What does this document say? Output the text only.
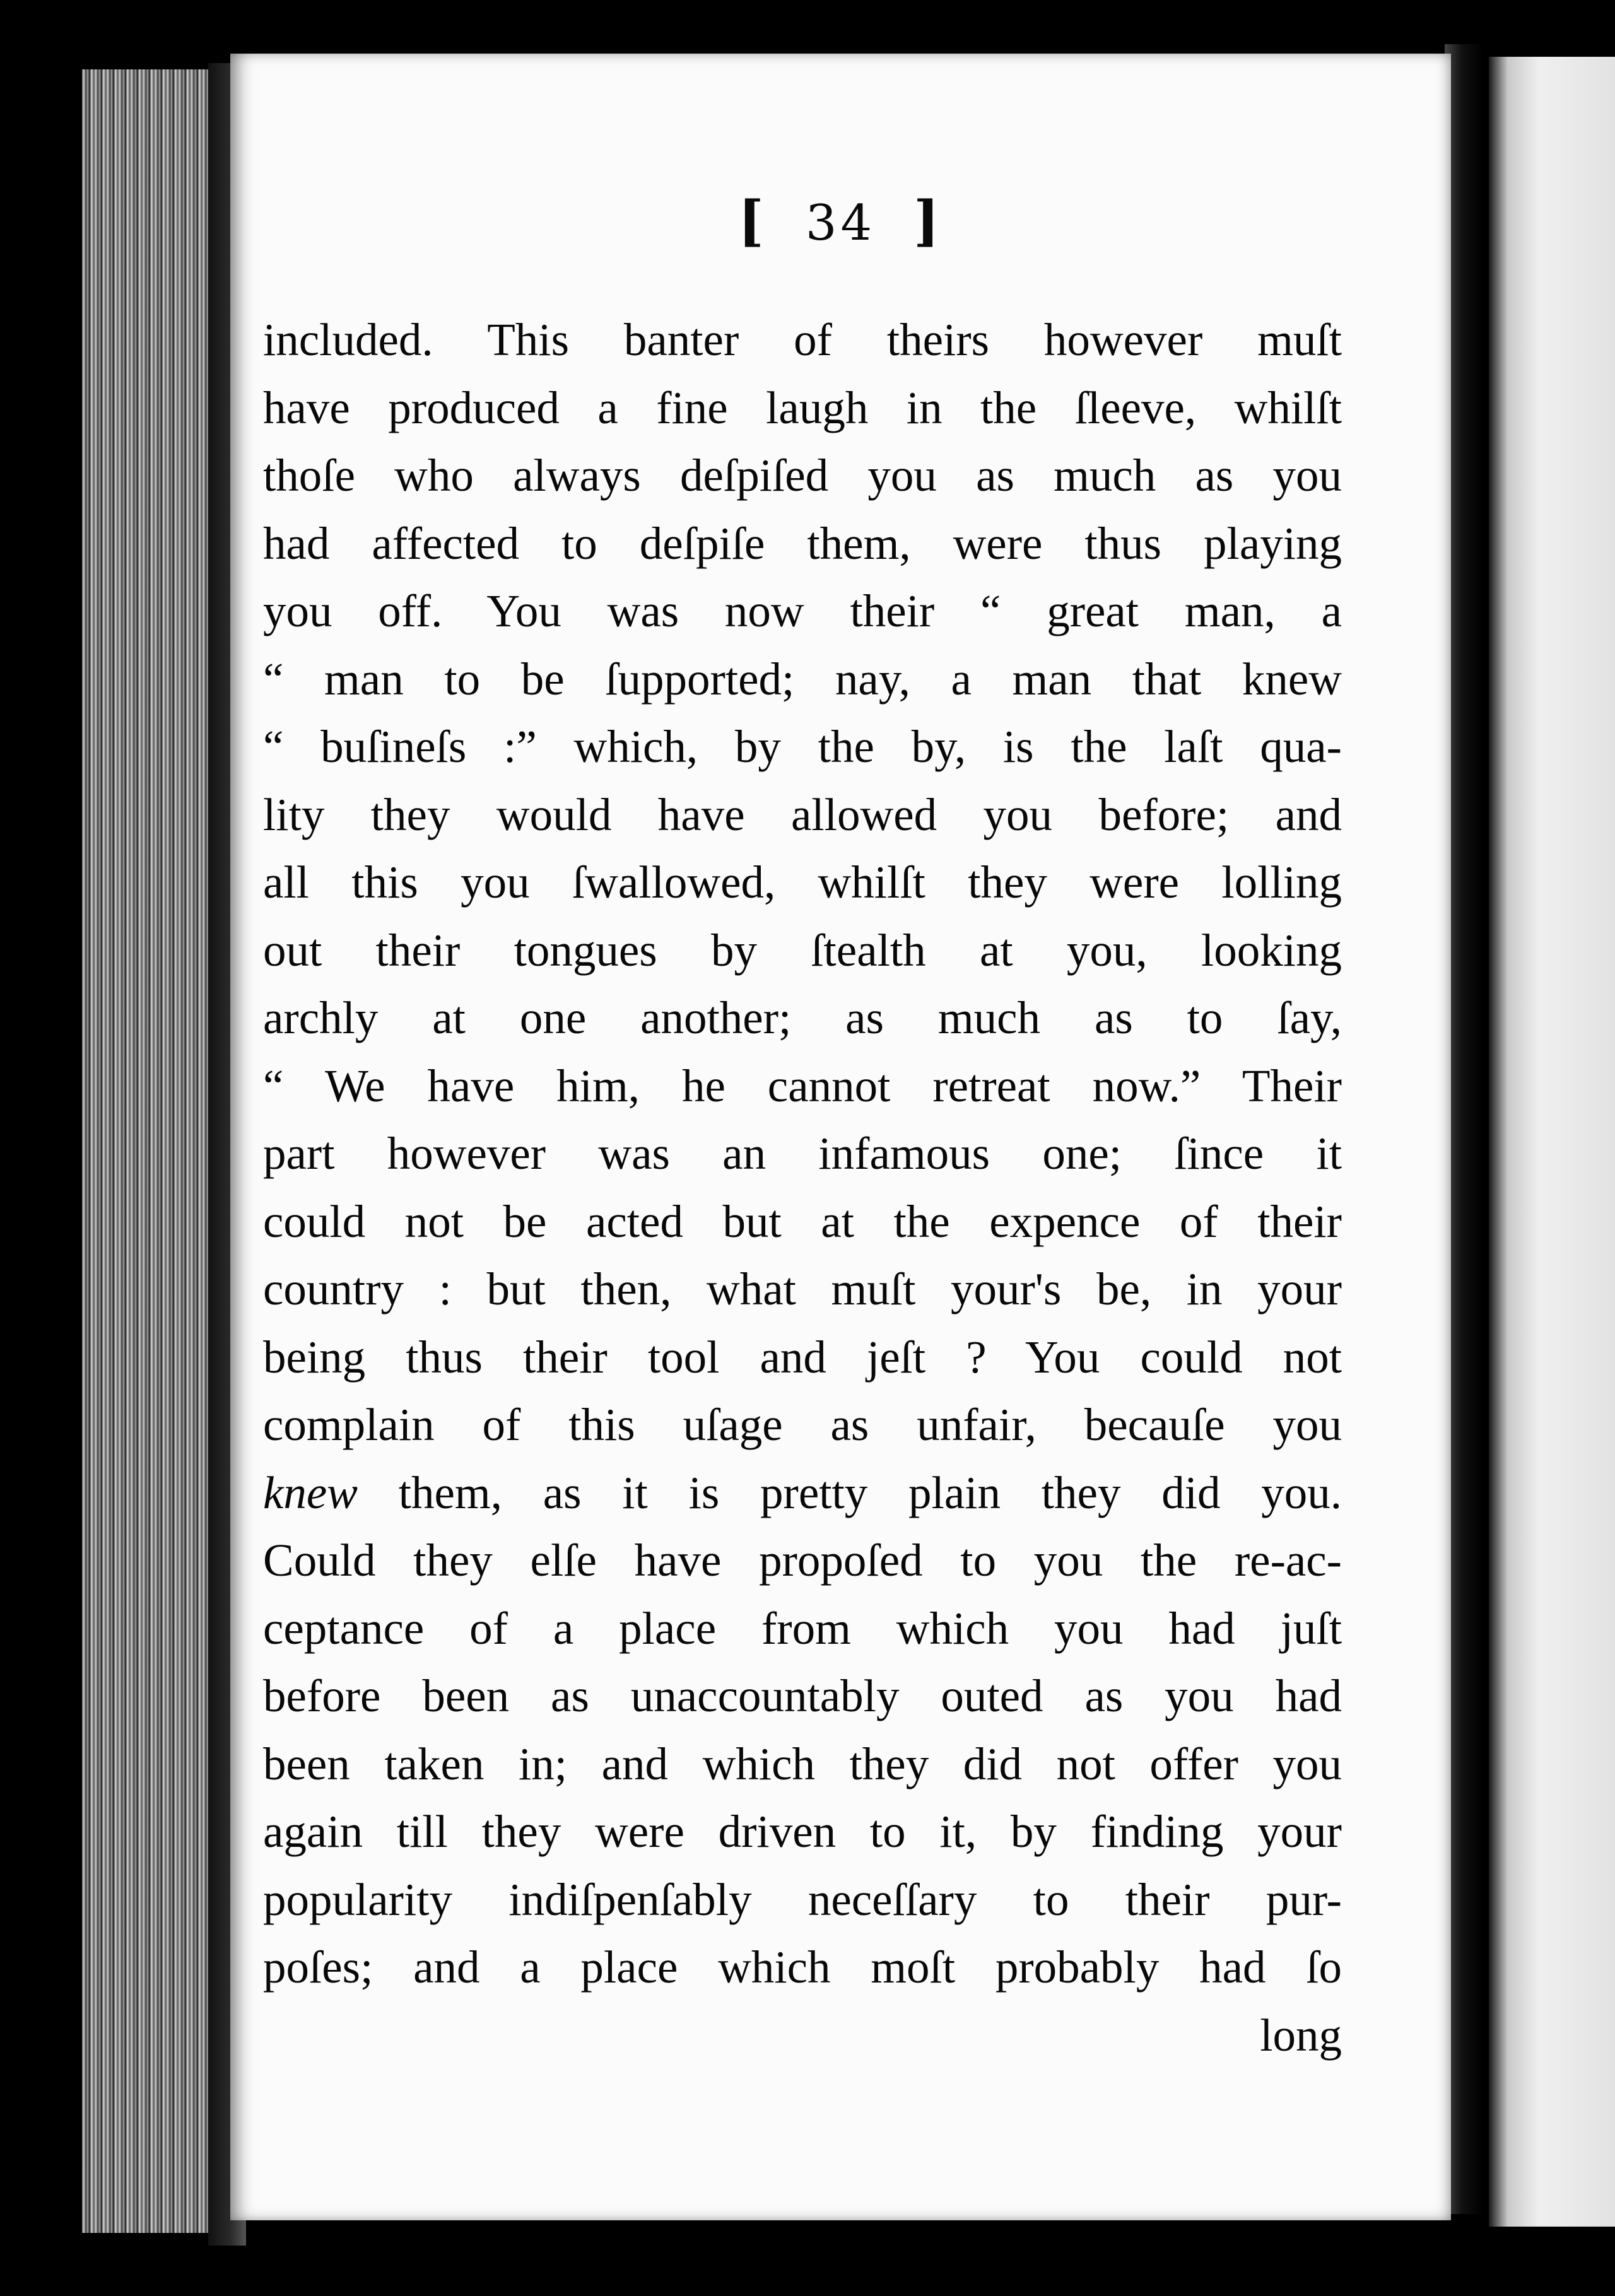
[ 34 ]
included. This banter of theirs however muſt
have produced a fine laugh in the ſleeve, whilſt
thoſe who always deſpiſed you as much as you
had affected to deſpiſe them, were thus playing
you off. You was now their “ great man, a
“ man to be ſupported; nay, a man that knew
“ buſineſs :” which, by the by, is the laſt qua-
lity they would have allowed you before; and
all this you ſwallowed, whilſt they were lolling
out their tongues by ſtealth at you, looking
archly at one another; as much as to ſay,
“ We have him, he cannot retreat now.” Their
part however was an infamous one; ſince it
could not be acted but at the expence of their
country : but then, what muſt your's be, in your
being thus their tool and jeſt ? You could not
complain of this uſage as unfair, becauſe you
knew them, as it is pretty plain they did you.
Could they elſe have propoſed to you the re-ac-
ceptance of a place from which you had juſt
before been as unaccountably outed as you had
been taken in; and which they did not offer you
again till they were driven to it, by finding your
popularity indiſpenſably neceſſary to their pur-
poſes; and a place which moſt probably had ſo
long
